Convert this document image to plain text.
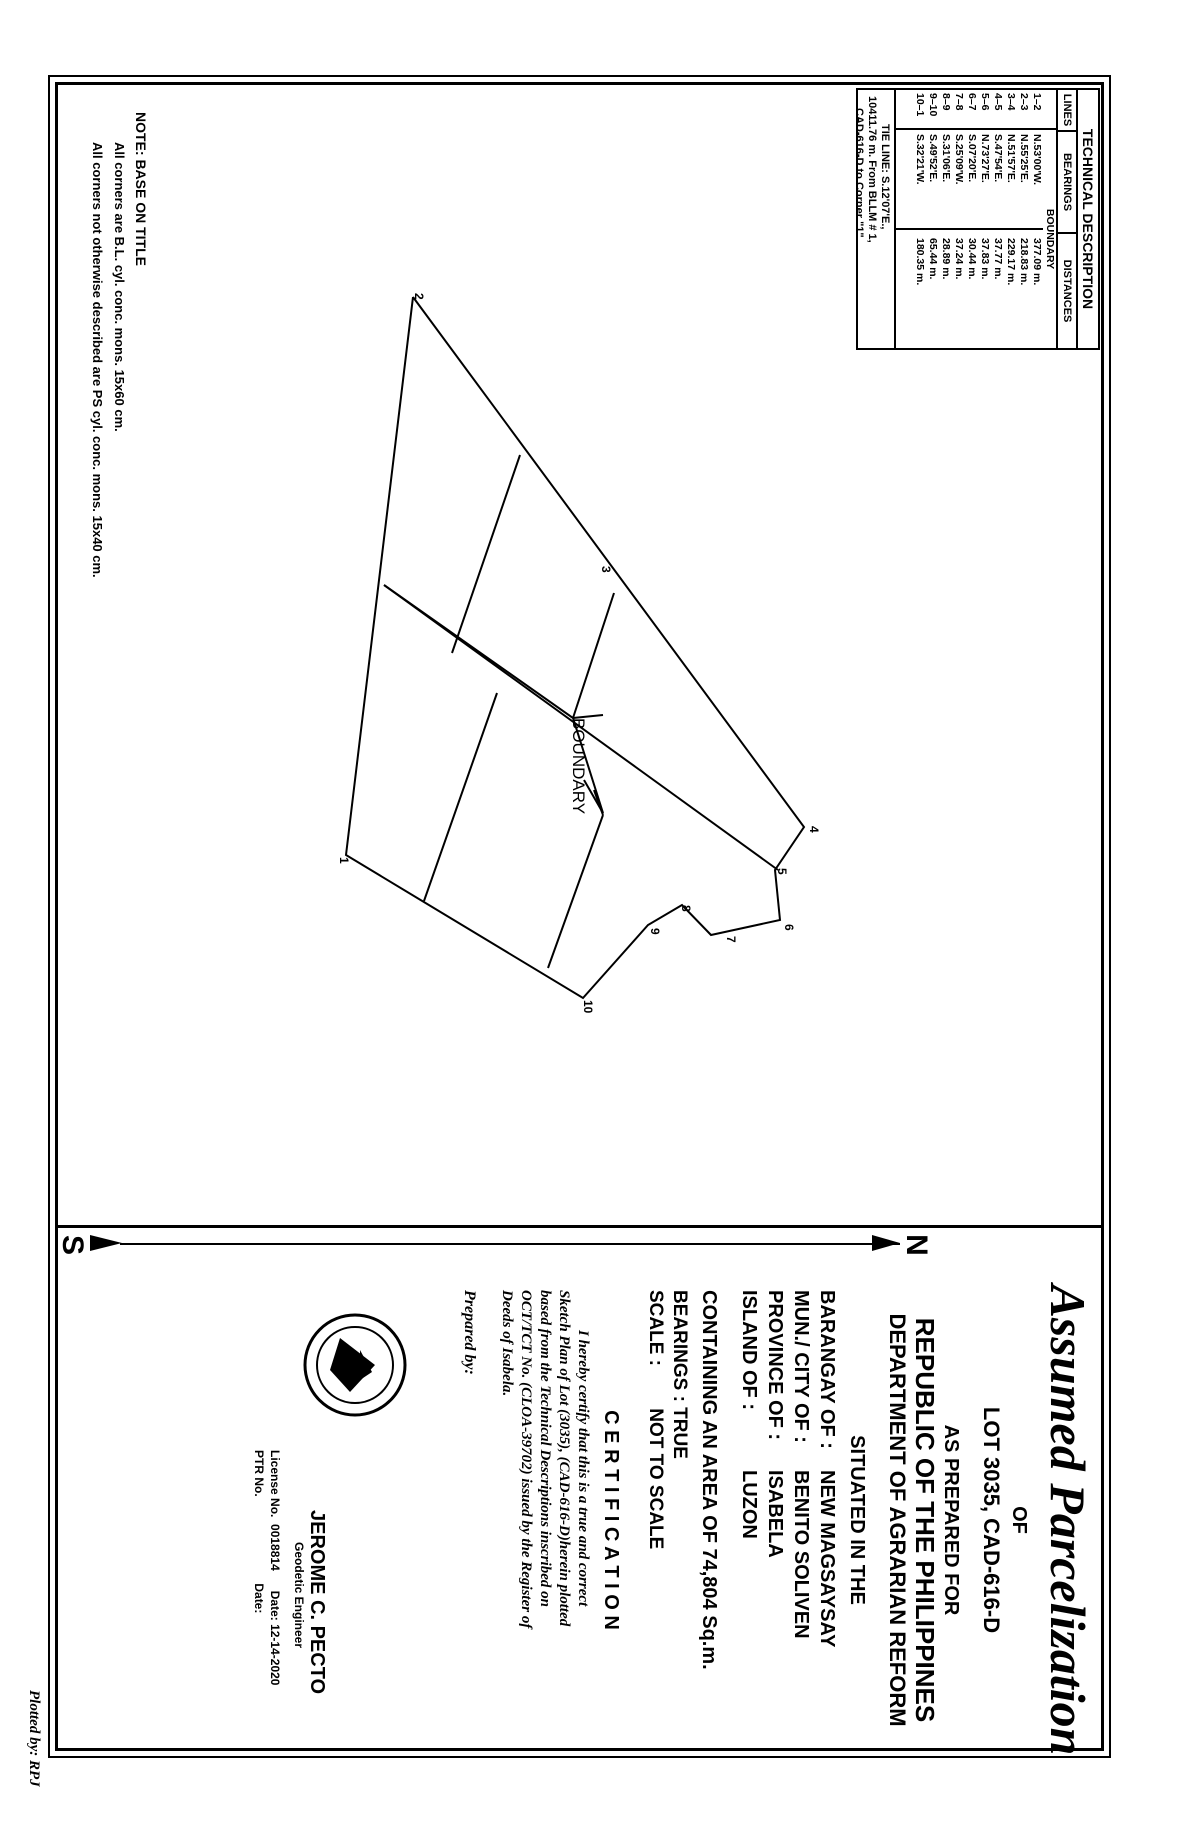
1
2
3
4
5
6
7
8
9
10
BOUNDARY
TECHNICAL DESCRIPTION
LINES
BEARINGS
DISTANCES
1–2
2–3
3–4
4–5
5–6
6–7
7–8
8–9
9–10
10–1
BOUNDARY
N.53'00'W.
N.55'25'E.
N.51'57'E.
S.47'54'E.
N.73'27'E.
S.07'20'E.
S.25'09'W.
S.31'06'E.
S.49'52'E.
S.32'21'W.
377.09 m.
218.83 m.
229.17 m.
37.77 m.
37.83 m.
30.44 m.
37.24 m.
28.89 m.
65.44 m.
180.35 m.
TIE LINE: S.12'07'E.,
10411.76 m. From BLLM # 1,
CAD-616-D to Corner "1".
NOTE: BASE ON TITLE
All corners are B.L. cyl. conc. mons. 15x60 cm.
All corners not otherwise described are PS cyl. conc. mons. 15x40 cm.
N
S
Assumed Parcelization
OF
LOT 3035, CAD-616-D
AS PREPARED FOR
REPUBLIC OF THE PHILIPPINES
DEPARTMENT OF AGRARIAN REFORM
SITUATED IN THE
BARANGAY OF :
NEW MAGSAYSAY
MUN./ CITY OF :
BENITO SOLIVEN
PROVINCE OF :
ISABELA
ISLAND OF :
LUZON
CONTAINING AN AREA OF 74,804 Sq.m.
BEARINGS : TRUE
SCALE :        NOT TO SCALE
C E R T I F I C A T I O N
I hereby certify that this is a true and correct
Sketch Plan of Lot (3035), (CAD-616-D)herein plotted
based from the Technical Descriptions inscribed on
OCT/TCT No. (CLOA-39702) issued by the Register of
Deeds of Isabela.
Prepared by:
JEROME C. PECTO
Geodetic Engineer
License No.  0018814      Date: 12-14-2020
PTR No.                          Date:
Plotted by: RPJ
